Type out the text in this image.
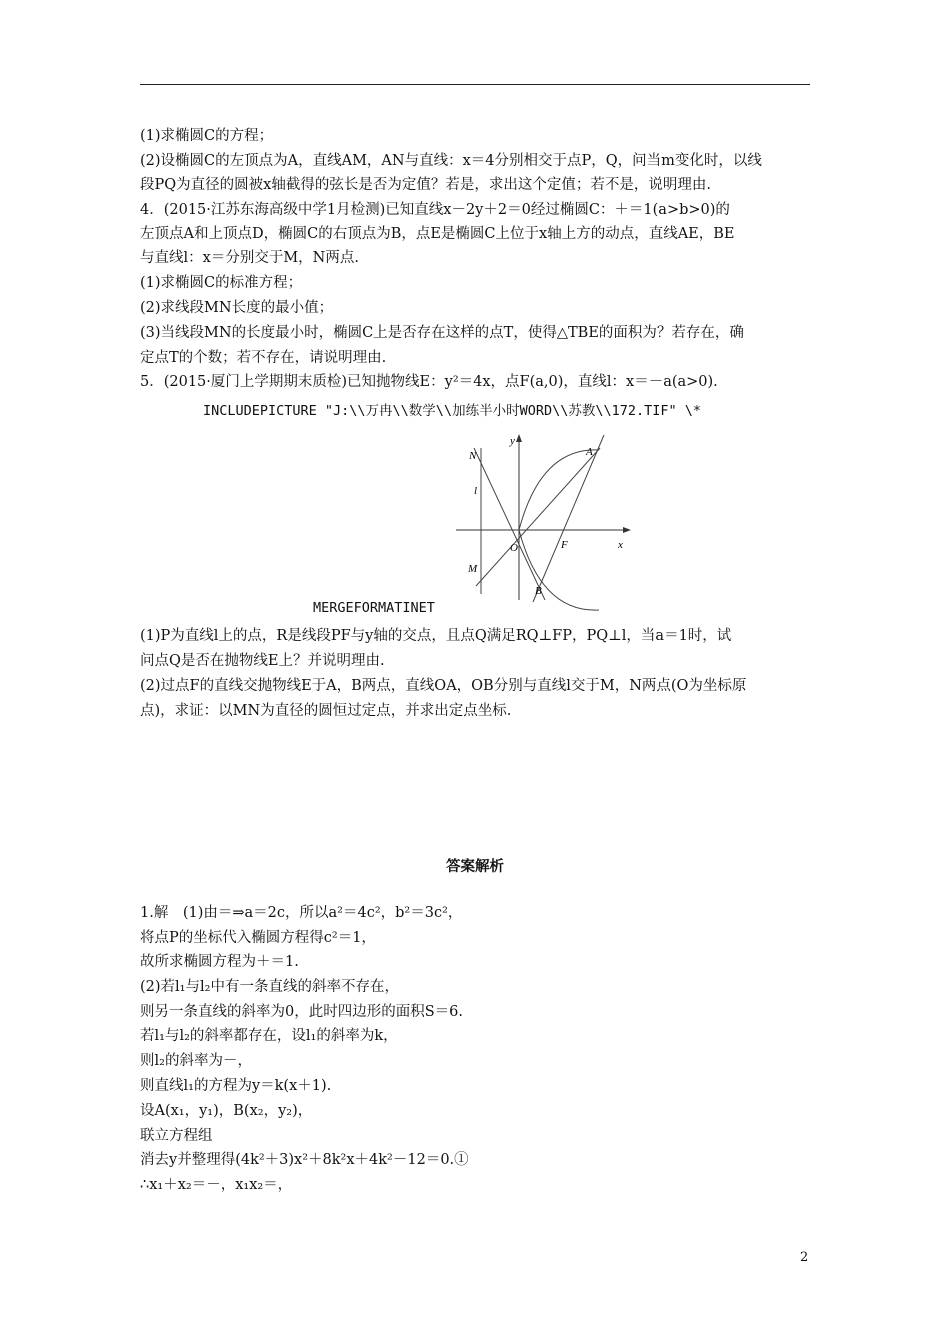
(1)求椭圆C的方程；
(2)设椭圆C的左顶点为A，直线AM，AN与直线：x＝4分别相交于点P，Q，问当m变化时，以线
段PQ为直径的圆被x轴截得的弦长是否为定值？若是，求出这个定值；若不是，说明理由.
4．(2015·江苏东海高级中学1月检测)已知直线x－2y＋2＝0经过椭圆C：＋＝1(a>b>0)的
左顶点A和上顶点D，椭圆C的右顶点为B，点E是椭圆C上位于x轴上方的动点，直线AE，BE
与直线l：x＝分别交于M，N两点.
(1)求椭圆C的标准方程；
(2)求线段MN长度的最小值；
(3)当线段MN的长度最小时，椭圆C上是否存在这样的点T，使得△TBE的面积为？若存在，确
定点T的个数；若不存在，请说明理由.
5．(2015·厦门上学期期末质检)已知抛物线E：y²＝4x，点F(a,0)，直线l：x＝－a(a>0).
INCLUDEPICTURE "J:\\万冉\\数学\\加练半小时WORD\\苏教\\172.TIF" \*
y
x
A
N
l
O	F
M
B
MERGEFORMATINET
(1)P为直线l上的点，R是线段PF与y轴的交点，且点Q满足RQ⊥FP，PQ⊥l，当a＝1时，试
问点Q是否在抛物线E上？并说明理由.
(2)过点F的直线交抛物线E于A，B两点，直线OA，OB分别与直线l交于M，N两点(O为坐标原
点)，求证：以MN为直径的圆恒过定点，并求出定点坐标.
答案解析
1.解　(1)由＝⇒a＝2c，所以a²＝4c²，b²＝3c²，
将点P的坐标代入椭圆方程得c²＝1，
故所求椭圆方程为＋＝1.
(2)若l₁与l₂中有一条直线的斜率不存在，
则另一条直线的斜率为0，此时四边形的面积S＝6.
若l₁与l₂的斜率都存在，设l₁的斜率为k，
则l₂的斜率为－，
则直线l₁的方程为y＝k(x＋1).
设A(x₁，y₁)，B(x₂，y₂)，
联立方程组
消去y并整理得(4k²＋3)x²＋8k²x＋4k²－12＝0.①
∴x₁＋x₂＝－，x₁x₂＝，
2
